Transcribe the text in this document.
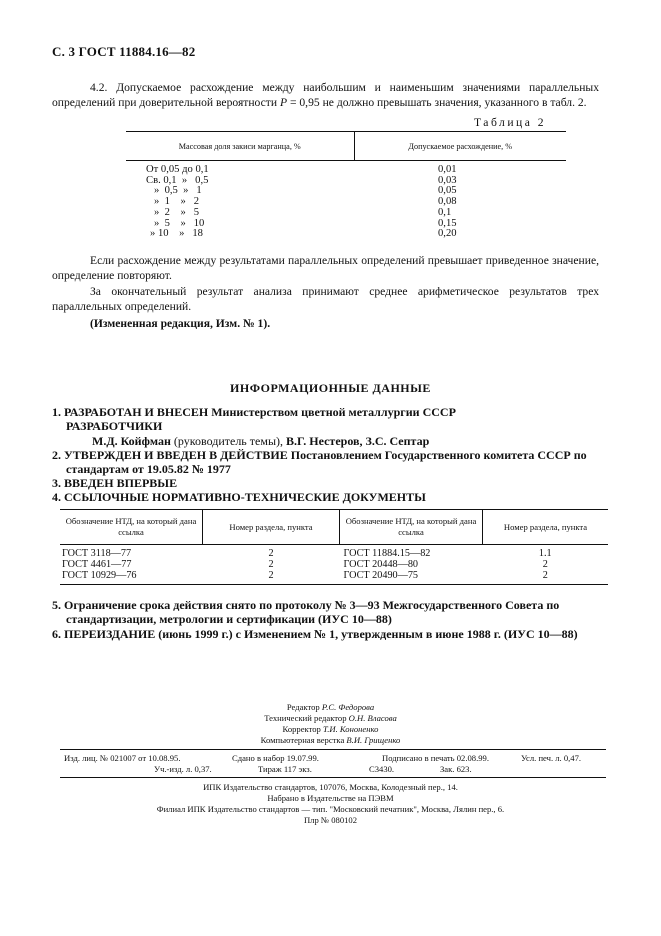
С. 3 ГОСТ 11884.16—82

4.2. Допускаемое расхождение между наибольшим и наименьшим значениями параллельных определений при доверительной вероятности P = 0,95 не должно превышать значения, указанного в табл. 2.

Таблица 2
Массовая доля закиси марганца, %	Допускаемое расхождение, %
От 0,05 до 0,1	0,01
Св. 0,1  »   0,5	0,03
»  0,5  »   1	0,05
»  1    »   2	0,08
»  2    »   5	0,1
»  5    »   10	0,15
» 10    »   18	0,20

Если расхождение между результатами параллельных определений превышает приведенное значение, определение повторяют.

За окончательный результат анализа принимают среднее арифметическое результатов трех параллельных определений.

(Измененная редакция, Изм. № 1).

ИНФОРМАЦИОННЫЕ ДАННЫЕ
1. РАЗРАБОТАН И ВНЕСЕН Министерством цветной металлургии СССР
РАЗРАБОТЧИКИ
М.Д. Койфман (руководитель темы), В.Г. Нестеров, З.С. Септар
2. УТВЕРЖДЕН И ВВЕДЕН В ДЕЙСТВИЕ Постановлением Государственного комитета СССР по стандартам от 19.05.82 № 1977
3. ВВЕДЕН ВПЕРВЫЕ
4. ССЫЛОЧНЫЕ НОРМАТИВНО-ТЕХНИЧЕСКИЕ ДОКУМЕНТЫ
Обозначение НТД, на который дана ссылка	Номер раздела, пункта	Обозначение НТД, на который дана ссылка	Номер раздела, пункта
ГОСТ 3118—77	2	ГОСТ 11884.15—82	1.1
ГОСТ 4461—77	2	ГОСТ 20448—80	2
ГОСТ 10929—76	2	ГОСТ 20490—75	2
5. Ограничение срока действия снято по протоколу № 3—93 Межгосударственного Совета по стандартизации, метрологии и сертификации (ИУС 10—88)
6. ПЕРЕИЗДАНИЕ (июнь 1999 г.) с Изменением № 1, утвержденным в июне 1988 г. (ИУС 10—88)
Редактор Р.С. Федорова
Технический редактор О.Н. Власова
Корректор Т.И. Кононенко
Компьютерная верстка В.И. Грищенко
Изд. лиц. № 021007 от 10.08.95.	Сдано в набор 19.07.99.	Подписано в печать 02.08.99.	Усл. печ. л. 0,47.
Уч.-изд. л. 0,37.	Тираж 117 экз.	С3430.	Зак. 623.
ИПК Издательство стандартов, 107076, Москва, Колодезный пер., 14.
Набрано в Издательстве на ПЭВМ
Филиал ИПК Издательство стандартов — тип. "Московский печатник", Москва, Лялин пер., 6.
Плр № 080102
